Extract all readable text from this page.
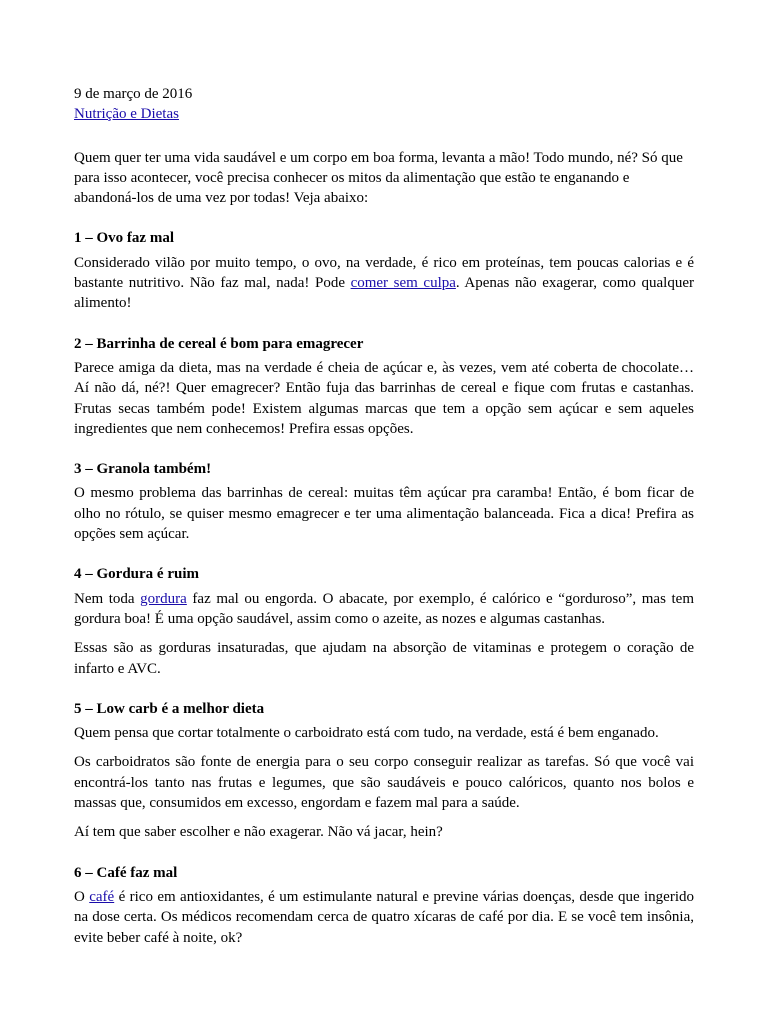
9 de março de 2016

Nutrição e Dietas

Quem quer ter uma vida saudável e um corpo em boa forma, levanta a mão! Todo mundo, né? Só que para isso acontecer, você precisa conhecer os mitos da alimentação que estão te enganando e abandoná-los de uma vez por todas! Veja abaixo:

1 – Ovo faz mal

Considerado vilão por muito tempo, o ovo, na verdade, é rico em proteínas, tem poucas calorias e é bastante nutritivo. Não faz mal, nada! Pode comer sem culpa. Apenas não exagerar, como qualquer alimento!

2 – Barrinha de cereal é bom para emagrecer

Parece amiga da dieta, mas na verdade é cheia de açúcar e, às vezes, vem até coberta de chocolate… Aí não dá, né?! Quer emagrecer? Então fuja das barrinhas de cereal e fique com frutas e castanhas. Frutas secas também pode! Existem algumas marcas que tem a opção sem açúcar e sem aqueles ingredientes que nem conhecemos! Prefira essas opções.

3 – Granola também!

O mesmo problema das barrinhas de cereal: muitas têm açúcar pra caramba! Então, é bom ficar de olho no rótulo, se quiser mesmo emagrecer e ter uma alimentação balanceada. Fica a dica! Prefira as opções sem açúcar.

4 – Gordura é ruim

Nem toda gordura faz mal ou engorda. O abacate, por exemplo, é calórico e “gorduroso”, mas tem gordura boa! É uma opção saudável, assim como o azeite, as nozes e algumas castanhas.

Essas são as gorduras insaturadas, que ajudam na absorção de vitaminas e protegem o coração de infarto e AVC.

5 – Low carb é a melhor dieta

Quem pensa que cortar totalmente o carboidrato está com tudo, na verdade, está é bem enganado.

Os carboidratos são fonte de energia para o seu corpo conseguir realizar as tarefas. Só que você vai encontrá-los tanto nas frutas e legumes, que são saudáveis e pouco calóricos, quanto nos bolos e massas que, consumidos em excesso, engordam e fazem mal para a saúde.

Aí tem que saber escolher e não exagerar. Não vá jacar, hein?

6 – Café faz mal

O café é rico em antioxidantes, é um estimulante natural e previne várias doenças, desde que ingerido na dose certa. Os médicos recomendam cerca de quatro xícaras de café por dia. E se você tem insônia, evite beber café à noite, ok?
